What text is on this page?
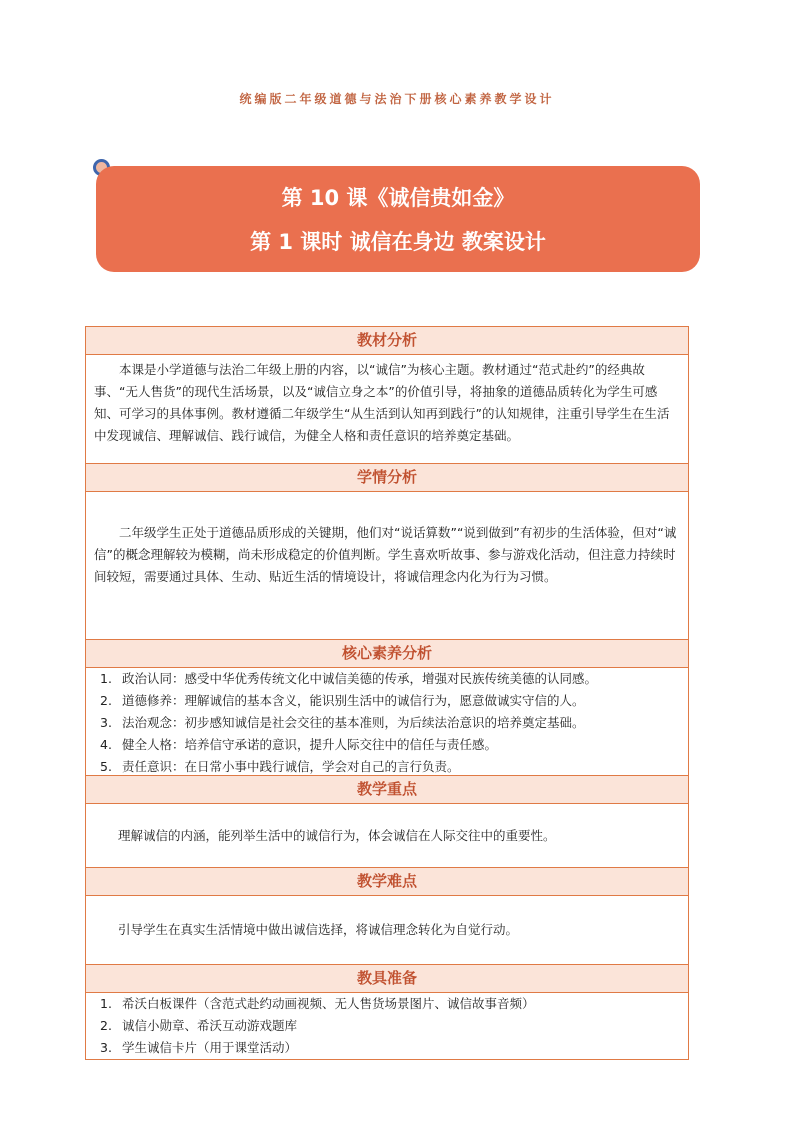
统编版二年级道德与法治下册核心素养教学设计
第 10 课《诚信贵如金》
第 1 课时 诚信在身边 教案设计
教材分析

本课是小学道德与法治二年级上册的内容，以“诚信”为核心主题。教材通过“范式赴约”的经典故事、“无人售货”的现代生活场景，以及“诚信立身之本”的价值引导，将抽象的道德品质转化为学生可感知、可学习的具体事例。教材遵循二年级学生“从生活到认知再到践行”的认知规律，注重引导学生在生活中发现诚信、理解诚信、践行诚信，为健全人格和责任意识的培养奠定基础。

学情分析

二年级学生正处于道德品质形成的关键期，他们对“说话算数”“说到做到”有初步的生活体验，但对“诚信”的概念理解较为模糊，尚未形成稳定的价值判断。学生喜欢听故事、参与游戏化活动，但注意力持续时间较短，需要通过具体、生动、贴近生活的情境设计，将诚信理念内化为行为习惯。

核心素养分析
1. 政治认同：感受中华优秀传统文化中诚信美德的传承，增强对民族传统美德的认同感。
2. 道德修养：理解诚信的基本含义，能识别生活中的诚信行为，愿意做诚实守信的人。
3. 法治观念：初步感知诚信是社会交往的基本准则，为后续法治意识的培养奠定基础。
4. 健全人格：培养信守承诺的意识，提升人际交往中的信任与责任感。
5. 责任意识：在日常小事中践行诚信，学会对自己的言行负责。
教学重点
理解诚信的内涵，能列举生活中的诚信行为，体会诚信在人际交往中的重要性。
教学难点
引导学生在真实生活情境中做出诚信选择，将诚信理念转化为自觉行动。
教具准备
1. 希沃白板课件（含范式赴约动画视频、无人售货场景图片、诚信故事音频）
2. 诚信小勋章、希沃互动游戏题库
3. 学生诚信卡片（用于课堂活动）
